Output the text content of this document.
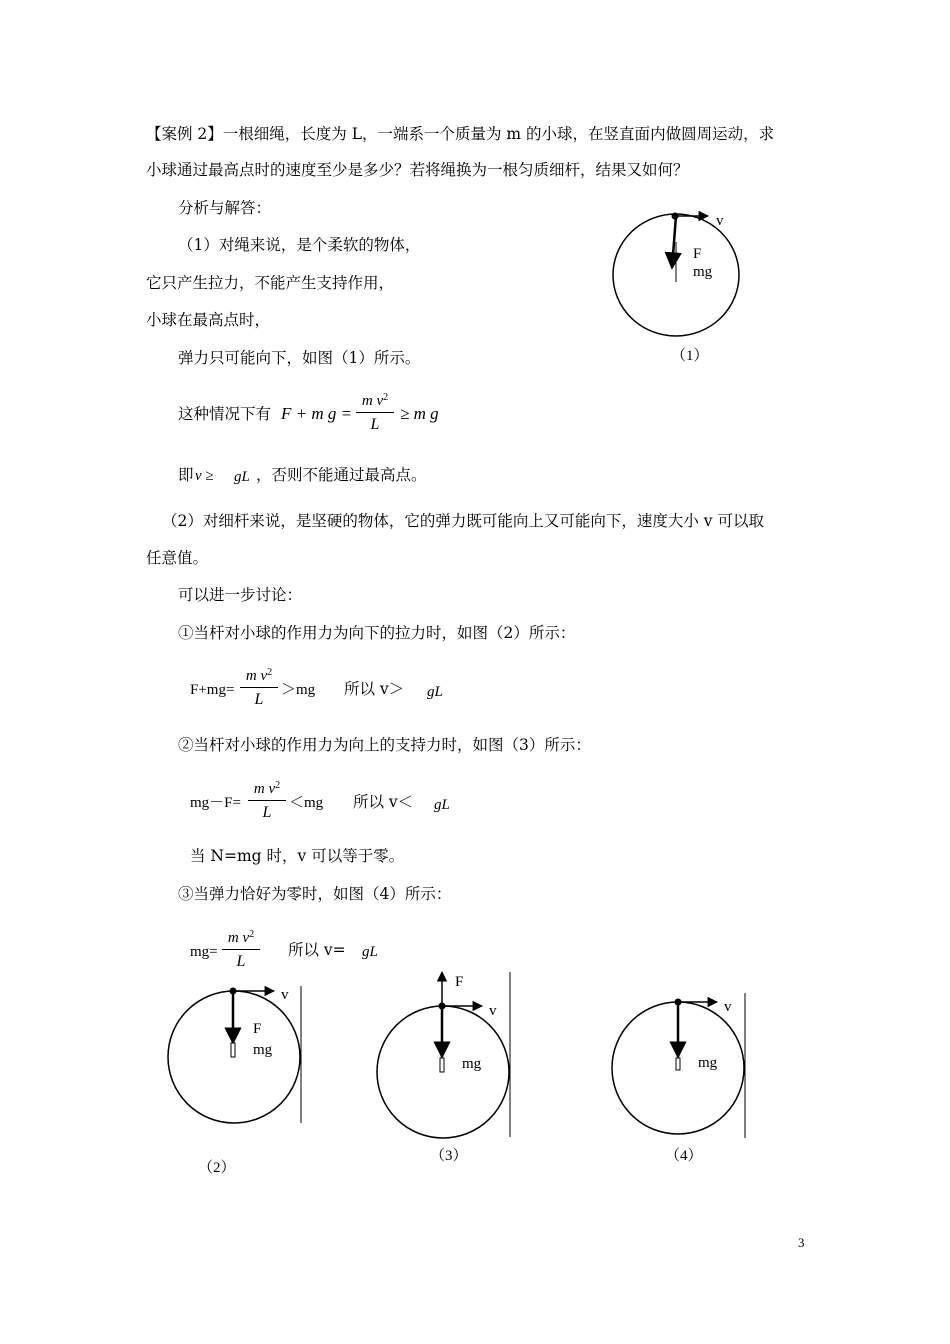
【案例 2】一根细绳，长度为 L，一端系一个质量为 m 的小球，在竖直面内做圆周运动，求
小球通过最高点时的速度至少是多少？若将绳换为一根匀质细杆，结果又如何？
分析与解答：
（1）对绳来说，是个柔软的物体，
它只产生拉力，不能产生支持作用，
小球在最高点时，
弹力只可能向下，如图（1）所示。
这种情况下有 F + m $g = \frac{m v^2}{L} \ge m$ g
即 v ≥ gL ，否则不能通过最高点。
（2）对细杆来说，是坚硬的物体，它的弹力既可能向上又可能向下，速度大小 v 可以取
任意值。
可以进一步讨论：
①当杆对小球的作用力为向下的拉力时，如图（2）所示：
$F+mg= \frac{m v^2}{L} >mg$ 所以 v＞ gL
②当杆对小球的作用力为向上的支持力时，如图（3）所示：
$mg-F= \frac{m v^2}{L} <mg$ 所以 v＜ gL
当 N=mg 时，v 可以等于零。
③当弹力恰好为零时，如图（4）所示：
$mg= \frac{m v^2}{L}$ 所以 v= gL
v
F
mg
（1）
v
F
mg
（2）
F
v
mg
（3）
v
mg
（4）
3
